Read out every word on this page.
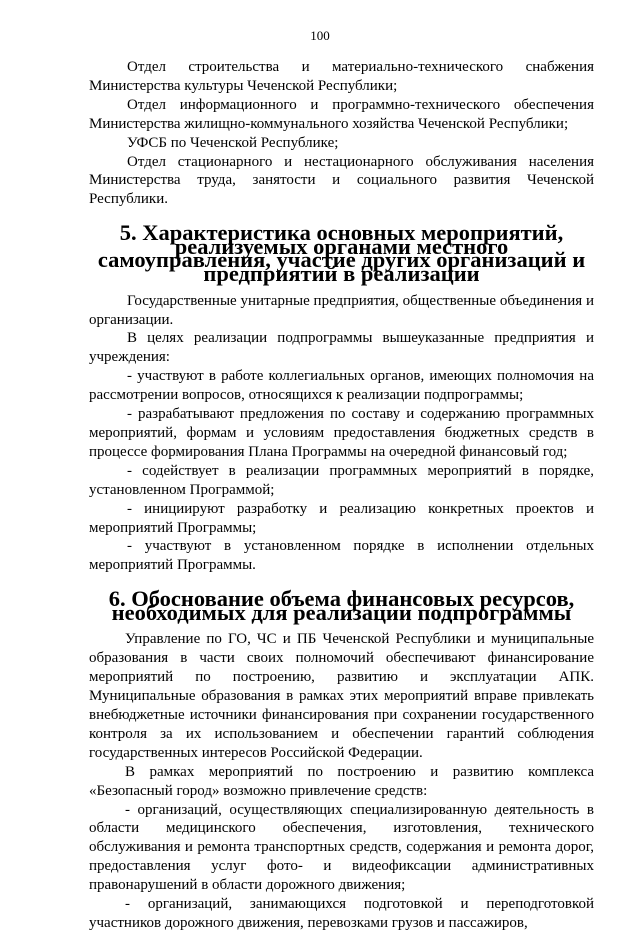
100

Отдел строительства и материально-технического снабжения Министерства культуры Чеченской Республики;

Отдел информационного и программно-технического обеспечения Министерства жилищно-коммунального хозяйства Чеченской Республики;

УФСБ по Чеченской Республике;

Отдел стационарного и нестационарного обслуживания населения Министерства труда, занятости и социального развития Чеченской Республики.

5. Характеристика основных мероприятий, реализуемых органами местного самоуправления, участие других организаций и предприятий в реализации

Государственные унитарные предприятия, общественные объединения и организации.

В целях реализации подпрограммы вышеуказанные предприятия и учреждения:

- участвуют в работе коллегиальных органов, имеющих полномочия на рассмотрении вопросов, относящихся к реализации подпрограммы;

- разрабатывают предложения по составу и содержанию программных мероприятий, формам и условиям предоставления бюджетных средств в процессе формирования Плана Программы на очередной финансовый год;

- содействует в реализации программных мероприятий в порядке, установленном Программой;

- инициируют разработку и реализацию конкретных проектов и мероприятий Программы;

- участвуют в установленном порядке в исполнении отдельных мероприятий Программы.

6. Обоснование объема финансовых ресурсов, необходимых для реализации подпрограммы

Управление по ГО, ЧС и ПБ Чеченской Республики и муниципальные образования в части своих полномочий обеспечивают финансирование мероприятий по построению, развитию и эксплуатации АПК. Муниципальные образования в рамках этих мероприятий вправе привлекать внебюджетные источники финансирования при сохранении государственного контроля за их использованием и обеспечении гарантий соблюдения государственных интересов Российской Федерации.

В рамках мероприятий по построению и развитию комплекса «Безопасный город» возможно привлечение средств:

- организаций, осуществляющих специализированную деятельность в области медицинского обеспечения, изготовления, технического обслуживания и ремонта транспортных средств, содержания и ремонта дорог, предоставления услуг фото- и видеофиксации административных правонарушений в области дорожного движения;

- организаций, занимающихся подготовкой и переподготовкой участников дорожного движения, перевозками грузов и пассажиров,
